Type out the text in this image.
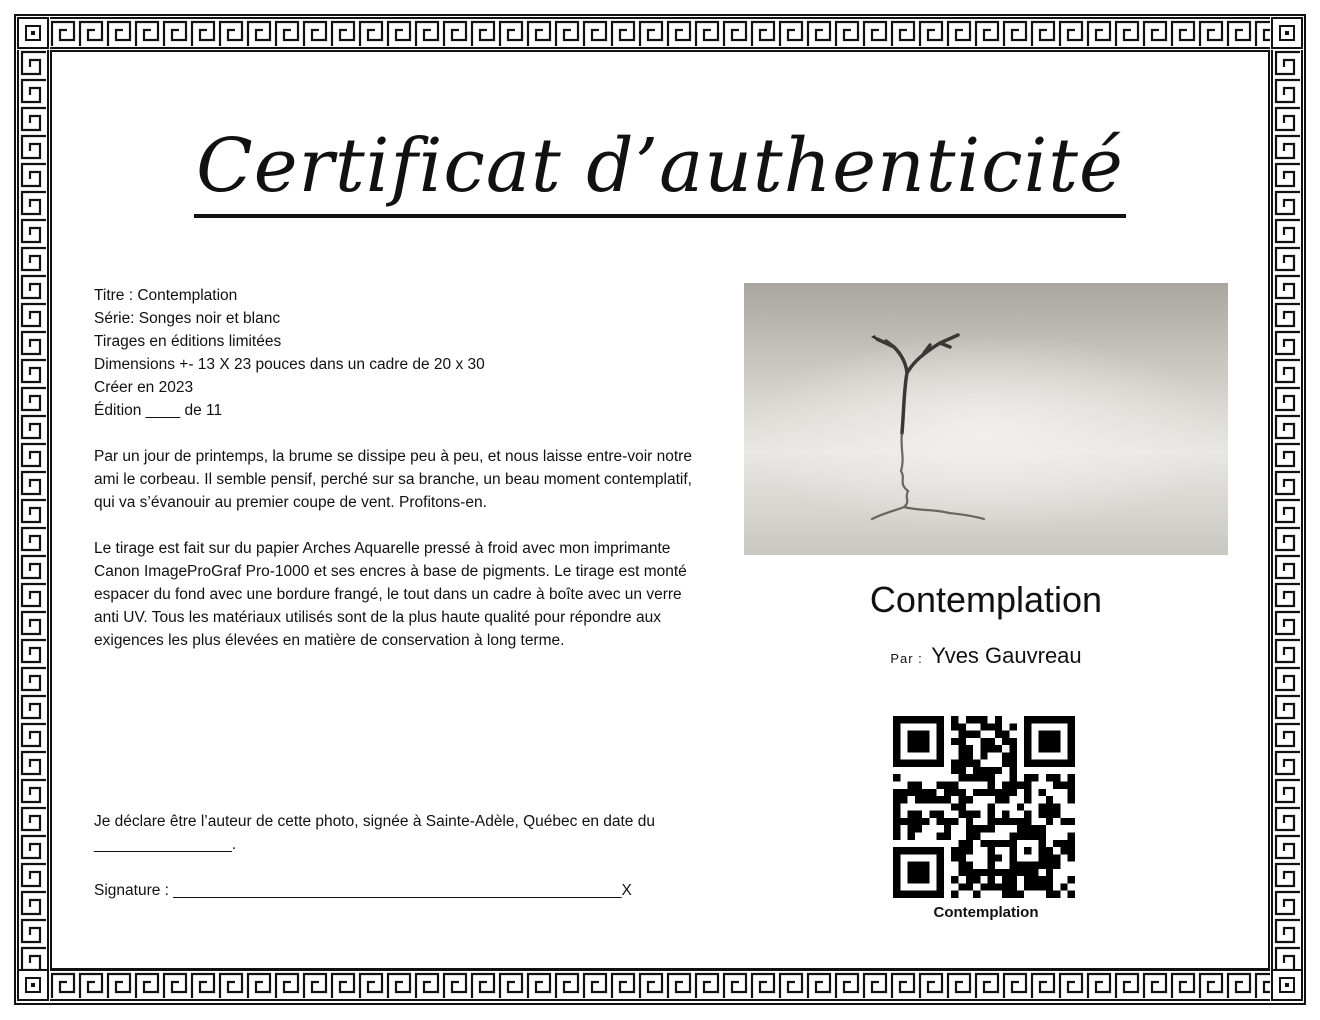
Certificat d’authenticité

Titre : Contemplation

Série: Songes noir et blanc

Tirages en éditions limitées

Dimensions +- 13 X 23 pouces dans un cadre de 20 x 30

Créer en 2023

Édition ____ de 11

Par un jour de printemps, la brume se dissipe peu à peu, et nous laisse entre-voir notre ami le corbeau. Il semble pensif, perché sur sa branche, un beau moment contemplatif, qui va s’évanouir au premier coupe de vent. Profitons-en.

Le tirage est fait sur du papier Arches Aquarelle pressé à froid avec mon imprimante Canon ImageProGraf Pro-1000 et ses encres à base de pigments. Le tirage est monté espacer du fond avec une bordure frangé, le tout dans un cadre à boîte avec un verre anti UV. Tous les matériaux utilisés sont de la plus haute qualité pour répondre aux exigences les plus élevées en matière de conservation à long terme.

Je déclare être l’auteur de cette photo, signée à Sainte-Adèle, Québec en date du ________________.

Signature : ____________________________________________________X

Contemplation
Par : Yves Gauvreau
Contemplation
